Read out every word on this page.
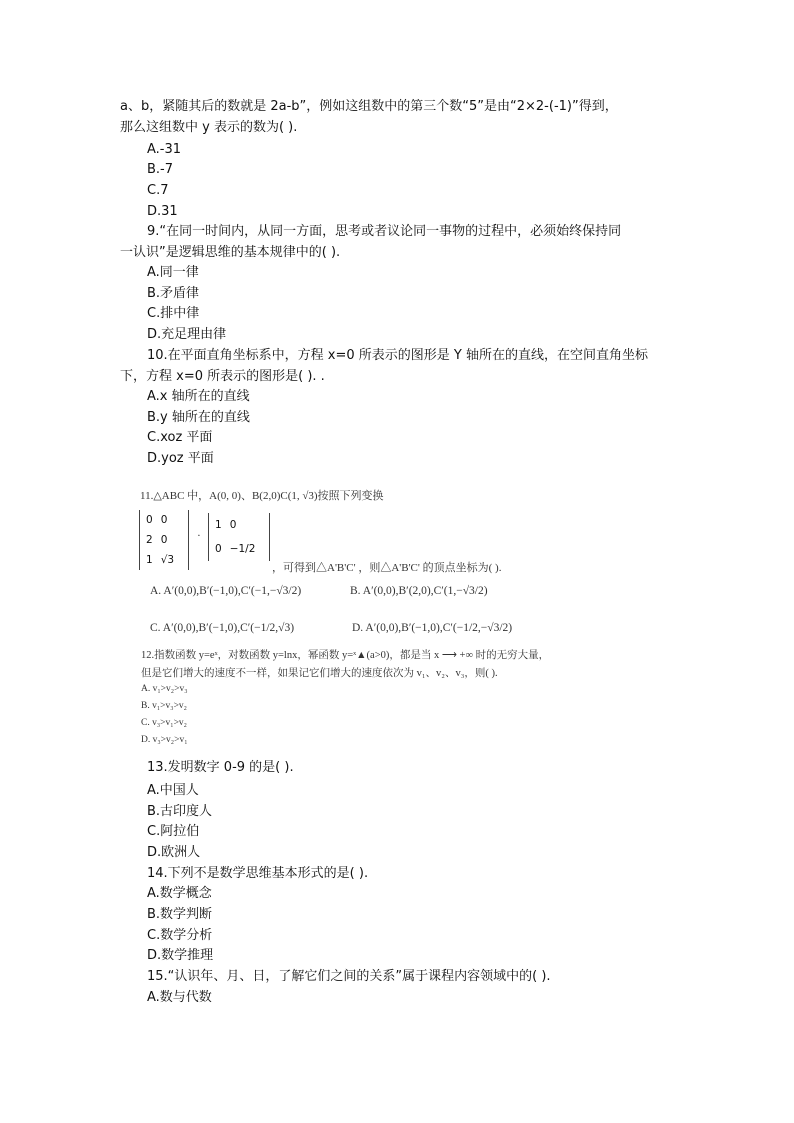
a、b，紧随其后的数就是 2a-b”，例如这组数中的第三个数“5”是由“2×2-(-1)”得到，
那么这组数中 y 表示的数为( ).
A.-31
B.-7
C.7
D.31
9.“在同一时间内，从同一方面，思考或者议论同一事物的过程中，必须始终保持同
一认识”是逻辑思维的基本规律中的( ).
A.同一律
B.矛盾律
C.排中律
D.充足理由律
10.在平面直角坐标系中，方程 x=0 所表示的图形是 Y 轴所在的直线，在空间直角坐标
下，方程 x=0 所表示的图形是( ). .
A.x 轴所在的直线
B.y 轴所在的直线
C.xoz 平面
D.yoz 平面
11.△ABC 中，A(0, 0)、B(2,0)C(1, √3)按照下列变换
0	0
2	0
1	√3
·
1	0
0	−1/2
，可得到△A'B'C' ，则△A'B'C' 的顶点坐标为( ).
A. A′(0,0),B′(−1,0),C′(−1,−√3/2)	B. A′(0,0),B′(2,0),C′(1,−√3/2)
C. A′(0,0),B′(−1,0),C′(−1/2,√3)	D. A′(0,0),B′(−1,0),C′(−1/2,−√3/2)
12.指数函数 y=eˣ，对数函数 y=lnx，幂函数 y=ˣ▲(a>0)，都是当 x ⟶ +∞ 时的无穷大量，
但是它们增大的速度不一样，如果记它们增大的速度依次为 v₁、v₂、v₃，则( ).
A. v₁>v₂>v₃
B. v₁>v₃>v₂
C. v₃>v₁>v₂
D. v₃>v₂>v₁
13.发明数字 0-9 的是( ).
A.中国人
B.古印度人
C.阿拉伯
D.欧洲人
14.下列不是数学思维基本形式的是( ).
A.数学概念
B.数学判断
C.数学分析
D.数学推理
15.“认识年、月、日，了解它们之间的关系”属于课程内容领域中的( ).
A.数与代数
